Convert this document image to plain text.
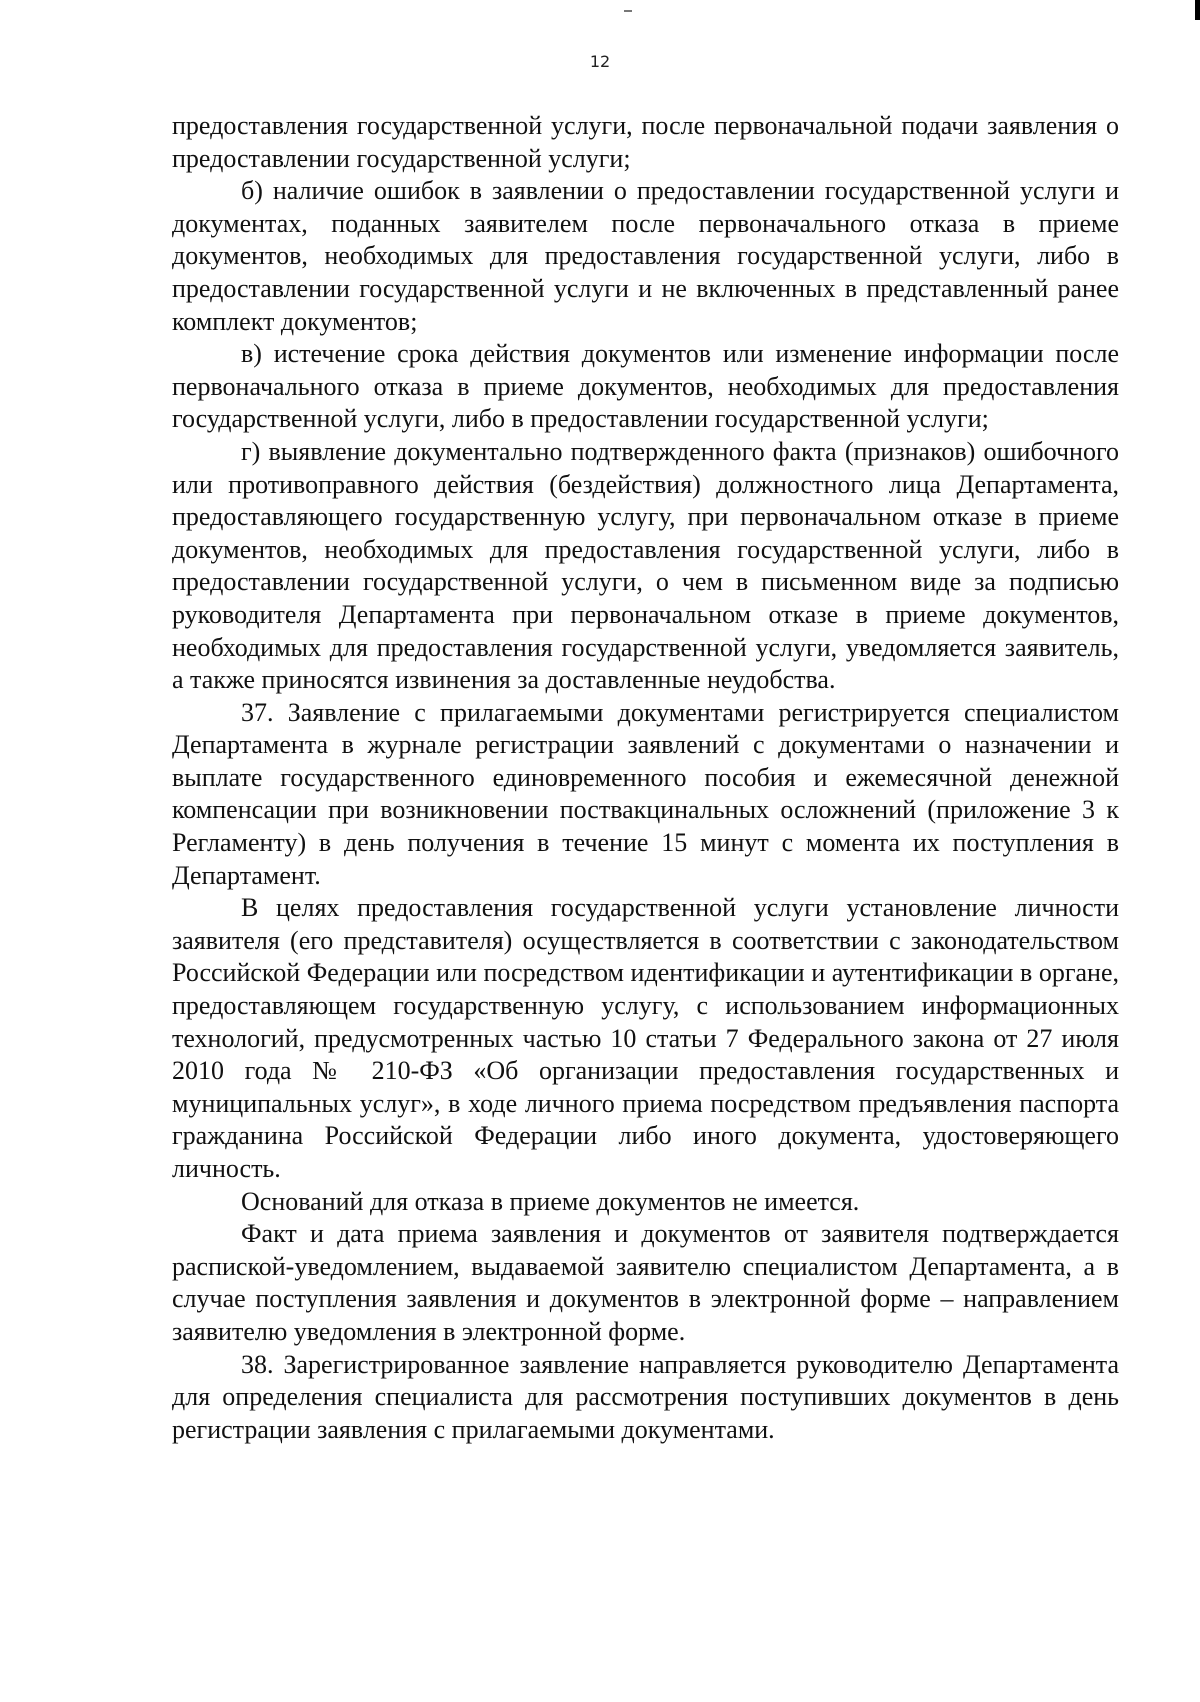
12

предоставления государственной услуги, после первоначальной подачи заявления о предоставлении государственной услуги;

б) наличие ошибок в заявлении о предоставлении государственной услуги и документах, поданных заявителем после первоначального отказа в приеме документов, необходимых для предоставления государственной услуги, либо в предоставлении государственной услуги и не включенных в представленный ранее комплект документов;

в) истечение срока действия документов или изменение информации после первоначального отказа в приеме документов, необходимых для предоставления государственной услуги, либо в предоставлении государственной услуги;

г) выявление документально подтвержденного факта (признаков) ошибочного или противоправного действия (бездействия) должностного лица Департамента, предоставляющего государственную услугу, при первоначальном отказе в приеме документов, необходимых для предоставления государственной услуги, либо в предоставлении государственной услуги, о чем в письменном виде за подписью руководителя Департамента при первоначальном отказе в приеме документов, необходимых для предоставления государственной услуги, уведомляется заявитель, а также приносятся извинения за доставленные неудобства.

37. Заявление с прилагаемыми документами регистрируется специалистом Департамента в журнале регистрации заявлений с документами о назначении и выплате государственного единовременного пособия и ежемесячной денежной компенсации при возникновении поствакцинальных осложнений (приложение 3 к Регламенту) в день получения в течение 15 минут с момента их поступления в Департамент.

В целях предоставления государственной услуги установление личности заявителя (его представителя) осуществляется в соответствии с законодательством Российской Федерации или посредством идентификации и аутентификации в органе, предоставляющем государственную услугу, с использованием информационных технологий, предусмотренных частью 10 статьи 7 Федерального закона от 27 июля 2010 года № 210-ФЗ «Об организации предоставления государственных и муниципальных услуг», в ходе личного приема посредством предъявления паспорта гражданина Российской Федерации либо иного документа, удостоверяющего личность.

Оснований для отказа в приеме документов не имеется.

Факт и дата приема заявления и документов от заявителя подтверждается распиской-уведомлением, выдаваемой заявителю специалистом Департамента, а в случае поступления заявления и документов в электронной форме – направлением заявителю уведомления в электронной форме.

38. Зарегистрированное заявление направляется руководителю Департамента для определения специалиста для рассмотрения поступивших документов в день регистрации заявления с прилагаемыми документами.
